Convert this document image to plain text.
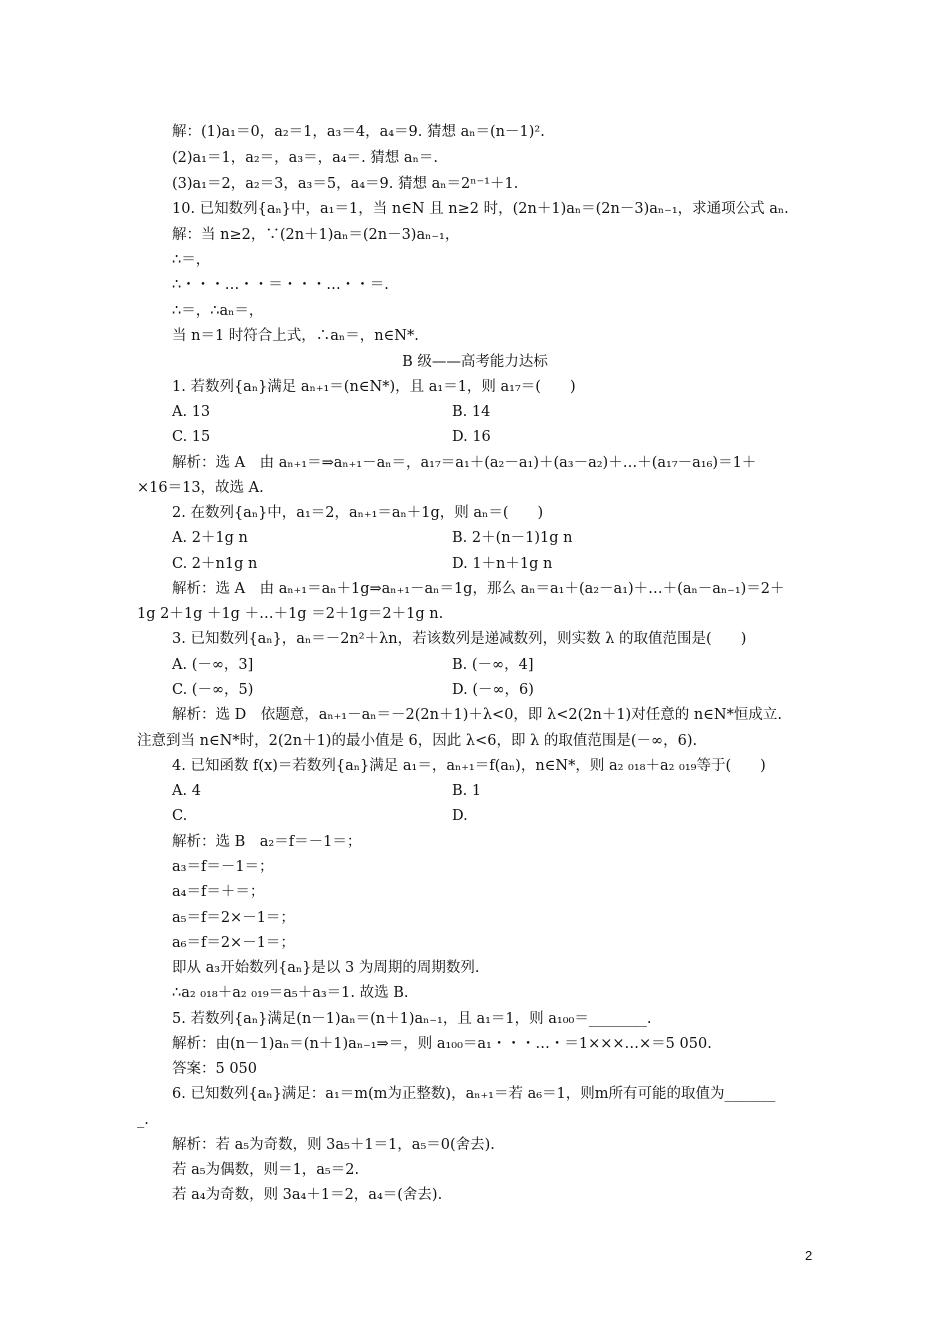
解：(1)a₁＝0，a₂＝1，a₃＝4，a₄＝9. 猜想 aₙ＝(n－1)².
(2)a₁＝1，a₂＝，a₃＝，a₄＝. 猜想 aₙ＝.
(3)a₁＝2，a₂＝3，a₃＝5，a₄＝9. 猜想 aₙ＝2ⁿ⁻¹＋1.
10. 已知数列{aₙ}中，a₁＝1，当 n∈N 且 n≥2 时，(2n＋1)aₙ＝(2n－3)aₙ₋₁，求通项公式 aₙ.
解：当 n≥2，∵(2n＋1)aₙ＝(2n－3)aₙ₋₁，
∴＝，
∴・・・…・・＝・・・…・・＝.
∴＝，∴aₙ＝，
当 n＝1 时符合上式，∴aₙ＝，n∈N*.
B 级——高考能力达标
1. 若数列{aₙ}满足 aₙ₊₁＝(n∈N*)，且 a₁＝1，则 a₁₇＝(　　)
A. 13	B. 14
C. 15	D. 16
解析：选 A　由 aₙ₊₁＝⇒aₙ₊₁－aₙ＝，a₁₇＝a₁＋(a₂－a₁)＋(a₃－a₂)＋…＋(a₁₇－a₁₆)＝1＋
×16＝13，故选 A.
2. 在数列{aₙ}中，a₁＝2，aₙ₊₁＝aₙ＋1g，则 aₙ＝(　　)
A. 2＋1g n	B. 2＋(n－1)1g n
C. 2＋n1g n	D. 1＋n＋1g n
解析：选 A　由 aₙ₊₁＝aₙ＋1g⇒aₙ₊₁－aₙ＝1g，那么 aₙ＝a₁＋(a₂－a₁)＋…＋(aₙ－aₙ₋₁)＝2＋
1g 2＋1g ＋1g ＋…＋1g ＝2＋1g＝2＋1g n.
3. 已知数列{aₙ}，aₙ＝－2n²＋λn，若该数列是递减数列，则实数 λ 的取值范围是(　　)
A. (－∞，3]	B. (－∞，4]
C. (－∞，5)	D. (－∞，6)
解析：选 D　依题意，aₙ₊₁－aₙ＝－2(2n＋1)＋λ<0，即 λ<2(2n＋1)对任意的 n∈N*恒成立.
注意到当 n∈N*时，2(2n＋1)的最小值是 6，因此 λ<6，即 λ 的取值范围是(－∞，6).
4. 已知函数 f(x)＝若数列{aₙ}满足 a₁＝，aₙ₊₁＝f(aₙ)，n∈N*，则 a₂ ₀₁₈＋a₂ ₀₁₉等于(　　)
A. 4	B. 1
C.	D.
解析：选 B　a₂＝f＝－1＝；
a₃＝f＝－1＝；
a₄＝f＝＋＝；
a₅＝f＝2×－1＝；
a₆＝f＝2×－1＝；
即从 a₃开始数列{aₙ}是以 3 为周期的周期数列.
∴a₂ ₀₁₈＋a₂ ₀₁₉＝a₅＋a₃＝1. 故选 B.
5. 若数列{aₙ}满足(n－1)aₙ＝(n＋1)aₙ₋₁，且 a₁＝1，则 a₁₀₀＝________.
解析：由(n－1)aₙ＝(n＋1)aₙ₋₁⇒＝，则 a₁₀₀＝a₁・・・…・＝1×××…×＝5 050.
答案：5 050
6. 已知数列{aₙ}满足：a₁＝m(m为正整数)，aₙ₊₁＝若 a₆＝1，则m所有可能的取值为_______
_.
解析：若 a₅为奇数，则 3a₅＋1＝1，a₅＝0(舍去).
若 a₅为偶数，则＝1，a₅＝2.
若 a₄为奇数，则 3a₄＋1＝2，a₄＝(舍去).
2
